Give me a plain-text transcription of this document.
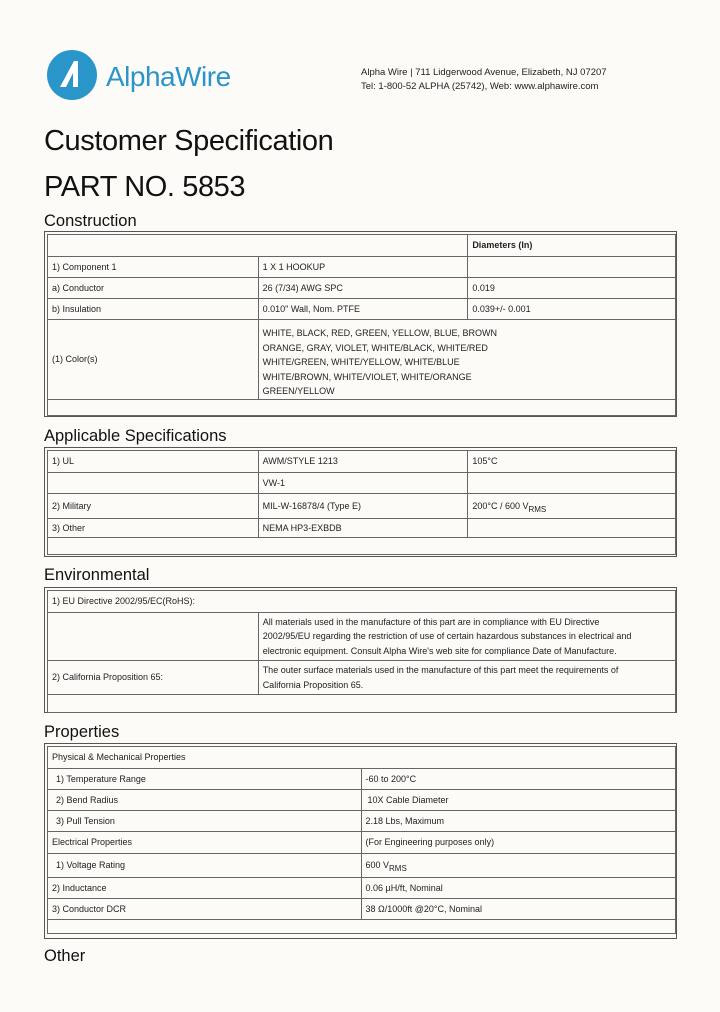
AlphaWire	Alpha Wire | 711 Lidgerwood Avenue, Elizabeth, NJ 07207
Tel: 1-800-52 ALPHA (25742), Web: www.alphawire.com
Customer Specification
PART NO. 5853
Construction
		Diameters (In)
1) Component 1	1 X 1 HOOKUP	
a) Conductor	26 (7/34) AWG SPC	0.019
b) Insulation	0.010" Wall, Nom. PTFE	0.039+/- 0.001
(1) Color(s)	WHITE, BLACK, RED, GREEN, YELLOW, BLUE, BROWN
ORANGE, GRAY, VIOLET, WHITE/BLACK, WHITE/RED
WHITE/GREEN, WHITE/YELLOW, WHITE/BLUE
WHITE/BROWN, WHITE/VIOLET, WHITE/ORANGE
GREEN/YELLOW	

Applicable Specifications
1) UL	AWM/STYLE 1213	105°C
	VW-1	
2) Military	MIL-W-16878/4 (Type E)	200°C / 600 $V_{RMS}$
3) Other	NEMA HP3-EXBDB	

Environmental
1) EU Directive 2002/95/EC(RoHS):	

	All materials used in the manufacture of this part are in compliance with EU Directive
2002/95/EU regarding the restriction of use of certain hazardous substances in electrical and
electronic equipment. Consult Alpha Wire's web site for compliance Date of Manufacture.

2) California Proposition 65:	The outer surface materials used in the manufacture of this part meet the requirements of
California Proposition 65.

Properties
Physical & Mechanical Properties	
1) Temperature Range	-60 to 200°C
2) Bend Radius	10X Cable Diameter
3) Pull Tension	2.18 Lbs, Maximum
Electrical Properties	(For Engineering purposes only)
1) Voltage Rating	600 $V_{RMS}$
2) Inductance	0.06 µH/ft, Nominal
3) Conductor DCR	38 Ω/1000ft @20°C, Nominal

Other
